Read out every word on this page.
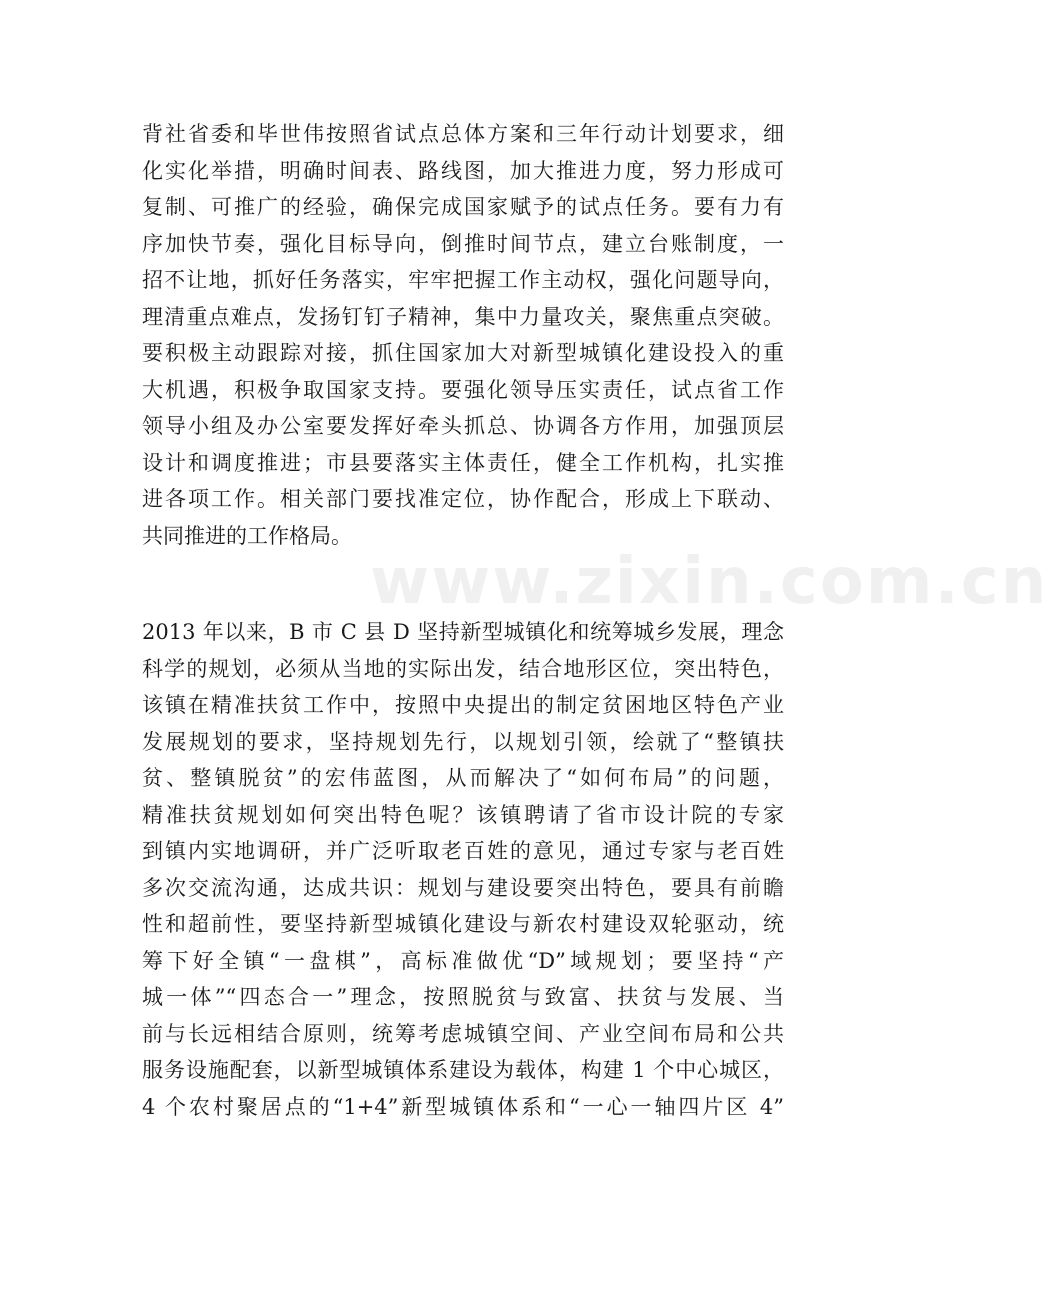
www.zixin.com.cn
背社省委和毕世伟按照省试点总体方案和三年行动计划要求，细
化实化举措，明确时间表、路线图，加大推进力度，努力形成可
复制、可推广的经验，确保完成国家赋予的试点任务。要有力有
序加快节奏，强化目标导向，倒推时间节点，建立台账制度，一
招不让地，抓好任务落实，牢牢把握工作主动权，强化问题导向，
理清重点难点，发扬钉钉子精神，集中力量攻关，聚焦重点突破。
要积极主动跟踪对接，抓住国家加大对新型城镇化建设投入的重
大机遇，积极争取国家支持。要强化领导压实责任，试点省工作
领导小组及办公室要发挥好牵头抓总、协调各方作用，加强顶层
设计和调度推进；市县要落实主体责任，健全工作机构，扎实推
进各项工作。相关部门要找准定位，协作配合，形成上下联动、
共同推进的工作格局。
2013 年以来，B 市 C 县 D 坚持新型城镇化和统筹城乡发展，理念
科学的规划，必须从当地的实际出发，结合地形区位，突出特色，
该镇在精准扶贫工作中，按照中央提出的制定贫困地区特色产业
发展规划的要求，坚持规划先行，以规划引领，绘就了“整镇扶
贫、整镇脱贫”的宏伟蓝图，从而解决了“如何布局”的问题，
精准扶贫规划如何突出特色呢？该镇聘请了省市设计院的专家
到镇内实地调研，并广泛听取老百姓的意见，通过专家与老百姓
多次交流沟通，达成共识：规划与建设要突出特色，要具有前瞻
性和超前性，要坚持新型城镇化建设与新农村建设双轮驱动，统
筹下好全镇“一盘棋”，高标准做优“D”域规划；要坚持“产
城一体”“四态合一”理念，按照脱贫与致富、扶贫与发展、当
前与长远相结合原则，统筹考虑城镇空间、产业空间布局和公共
服务设施配套，以新型城镇体系建设为载体，构建 1 个中心城区，
4 个农村聚居点的“1+4”新型城镇体系和“一心一轴四片区 4”
